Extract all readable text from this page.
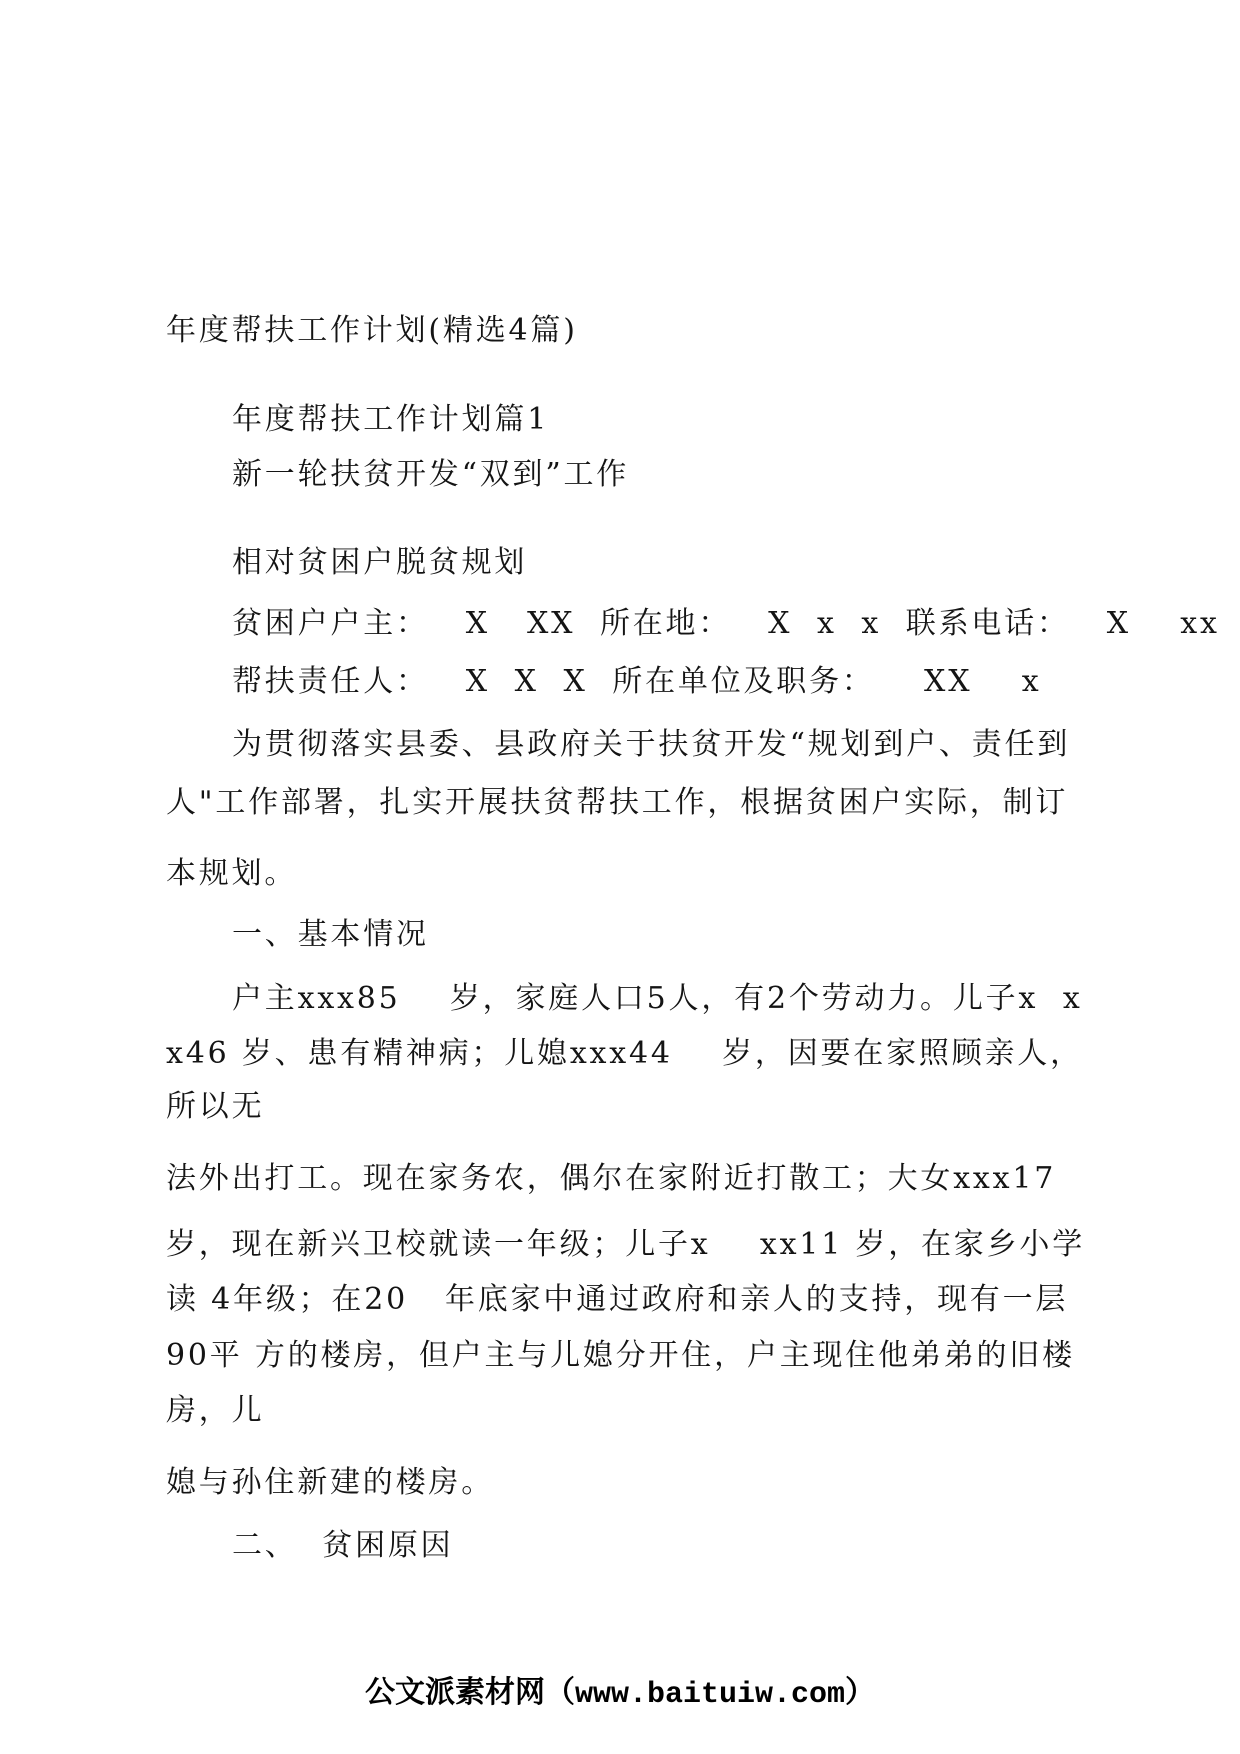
年度帮扶工作计划(精选4篇)
年度帮扶工作计划篇1
新一轮扶贫开发“双到”工作
相对贫困户脱贫规划
贫困户户主：   X   XX  所在地：   X  x  x  联系电话：   X    xx
帮扶责任人：   X  X  X  所在单位及职务：    XX    x
为贯彻落实县委、县政府关于扶贫开发“规划到户、责任到
人"工作部署，扎实开展扶贫帮扶工作，根据贫困户实际，制订
本规划。
一、基本情况
户主xxx85    岁，家庭人口5人，有2个劳动力。儿子x  x
x46 岁、患有精神病；儿媳xxx44    岁，因要在家照顾亲人，
所以无
法外出打工。现在家务农，偶尔在家附近打散工；大女xxx17
岁，现在新兴卫校就读一年级；儿子x    xx11 岁，在家乡小学
读 4年级；在20   年底家中通过政府和亲人的支持，现有一层
90平 方的楼房，但户主与儿媳分开住，户主现住他弟弟的旧楼
房，儿
媳与孙住新建的楼房。
二、  贫困原因
公文派素材网（www.baituiw.com）
